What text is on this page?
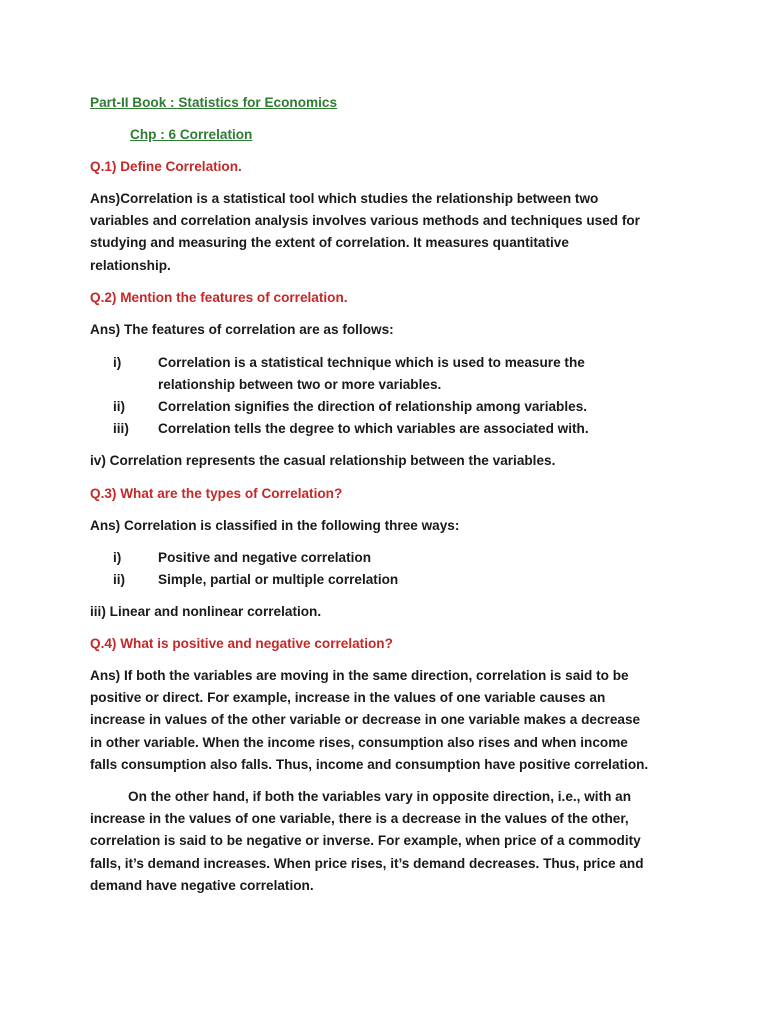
Part-II Book : Statistics for Economics
Chp : 6 Correlation
Q.1) Define Correlation.
Ans)Correlation is a statistical tool which studies the relationship between two
variables and correlation analysis involves various methods and techniques used for
studying and measuring the extent of correlation. It measures quantitative
relationship.
Q.2) Mention the features of correlation.
Ans) The features of correlation are as follows:
i)	Correlation is a statistical technique which is used to measure the
relationship between two or more variables.
ii)	Correlation signifies the direction of relationship among variables.
iii)	Correlation tells the degree to which variables are associated with.
iv) Correlation represents the casual relationship between the variables.
Q.3) What are the types of Correlation?
Ans) Correlation is classified in the following three ways:
i)	Positive and negative correlation
ii)	Simple, partial or multiple correlation
iii) Linear and nonlinear correlation.
Q.4) What is positive and negative correlation?
Ans) If both the variables are moving in the same direction, correlation is said to be
positive or direct. For example, increase in the values of one variable causes an
increase in values of the other variable or decrease in one variable makes a decrease
in other variable. When the income rises, consumption also rises and when income
falls consumption also falls. Thus, income and consumption have positive correlation.
On the other hand, if both the variables vary in opposite direction, i.e., with an
increase in the values of one variable, there is a decrease in the values of the other,
correlation is said to be negative or inverse. For example, when price of a commodity
falls, it’s demand increases. When price rises, it’s demand decreases. Thus, price and
demand have negative correlation.
